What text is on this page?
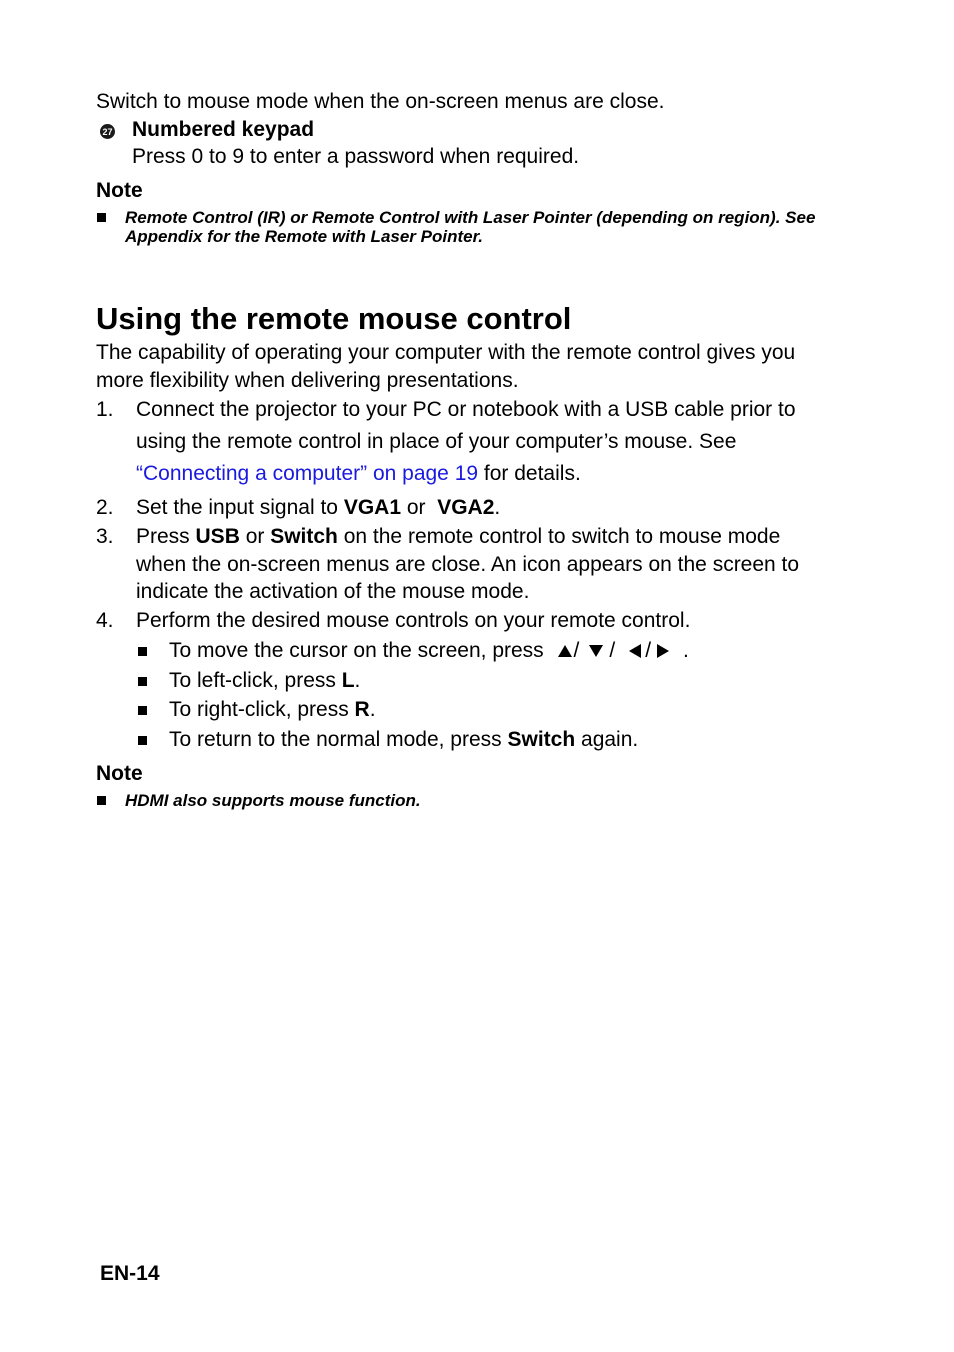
Switch to mouse mode when the on-screen menus are close.
27 Numbered keypad
Press 0 to 9 to enter a password when required.
Note
Remote Control (IR) or Remote Control with Laser Pointer (depending on region). See
Appendix for the Remote with Laser Pointer.
Using the remote mouse control
The capability of operating your computer with the remote control gives you
more flexibility when delivering presentations.
1. Connect the projector to your PC or notebook with a USB cable prior to
using the remote control in place of your computer’s mouse. See
“Connecting a computer” on page 19 for details.
2. Set the input signal to VGA1 or  VGA2.
3. Press USB or Switch on the remote control to switch to mouse mode
when the on-screen menus are close. An icon appears on the screen to
indicate the activation of the mouse mode.
4. Perform the desired mouse controls on your remote control.
To move the cursor on the screen, press / / / .
To left-click, press L.
To right-click, press R.
To return to the normal mode, press Switch again.
Note
HDMI also supports mouse function.
EN-14
